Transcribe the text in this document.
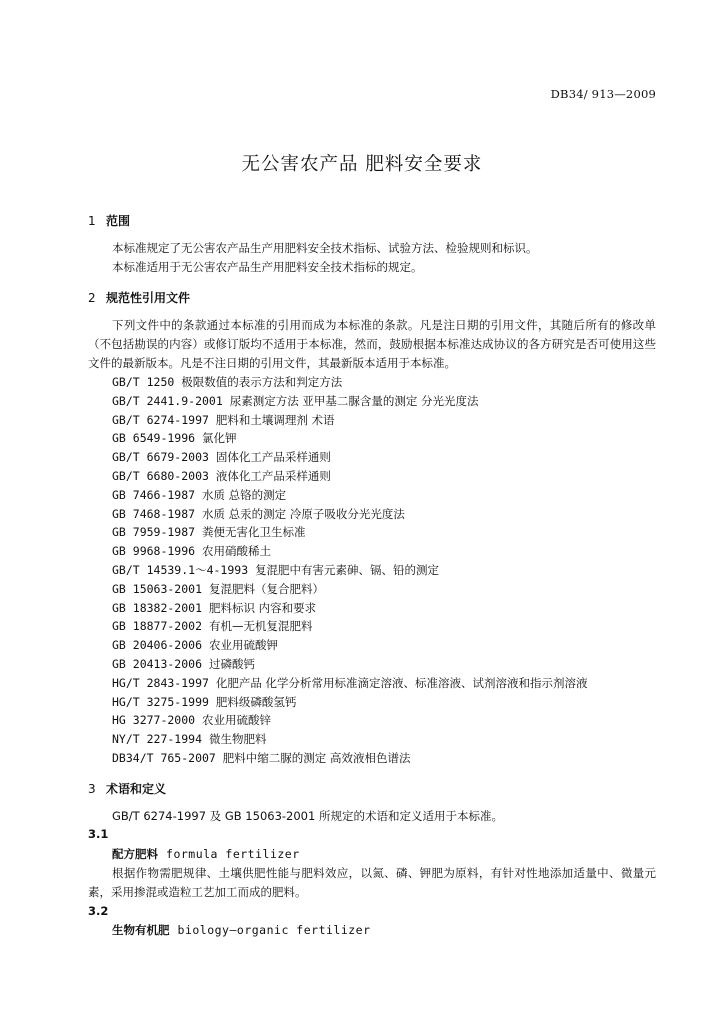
DB34/ 913—2009
无公害农产品 肥料安全要求
1 范围
本标准规定了无公害农产品生产用肥料安全技术指标、试验方法、检验规则和标识。
本标准适用于无公害农产品生产用肥料安全技术指标的规定。
2 规范性引用文件
下列文件中的条款通过本标准的引用而成为本标准的条款。凡是注日期的引用文件，其随后所有的修改单（不包括勘误的内容）或修订版均不适用于本标准，然而，鼓励根据本标准达成协议的各方研究是否可使用这些文件的最新版本。凡是不注日期的引用文件，其最新版本适用于本标准。
GB/T 1250 极限数值的表示方法和判定方法
GB/T 2441.9-2001 尿素测定方法 亚甲基二脲含量的测定 分光光度法
GB/T 6274-1997 肥料和土壤调理剂 术语
GB 6549-1996 氯化钾
GB/T 6679-2003 固体化工产品采样通则
GB/T 6680-2003 液体化工产品采样通则
GB 7466-1987 水质 总铬的测定
GB 7468-1987 水质 总汞的测定 冷原子吸收分光光度法
GB 7959-1987 粪便无害化卫生标准
GB 9968-1996 农用硝酸稀土
GB/T 14539.1～4-1993 复混肥中有害元素砷、镉、铅的测定
GB 15063-2001 复混肥料（复合肥料）
GB 18382-2001 肥料标识 内容和要求
GB 18877-2002 有机—无机复混肥料
GB 20406-2006 农业用硫酸钾
GB 20413-2006 过磷酸钙
HG/T 2843-1997 化肥产品 化学分析常用标准滴定溶液、标准溶液、试剂溶液和指示剂溶液
HG/T 3275-1999 肥料级磷酸氢钙
HG 3277-2000 农业用硫酸锌
NY/T 227-1994 微生物肥料
DB34/T 765-2007 肥料中缩二脲的测定 高效液相色谱法
3 术语和定义
GB/T 6274-1997 及 GB 15063-2001 所规定的术语和定义适用于本标准。
3.1
配方肥料 formula fertilizer
根据作物需肥规律、土壤供肥性能与肥料效应，以氮、磷、钾肥为原料，有针对性地添加适量中、微量元素，采用掺混或造粒工艺加工而成的肥料。
3.2
生物有机肥 biology—organic fertilizer
